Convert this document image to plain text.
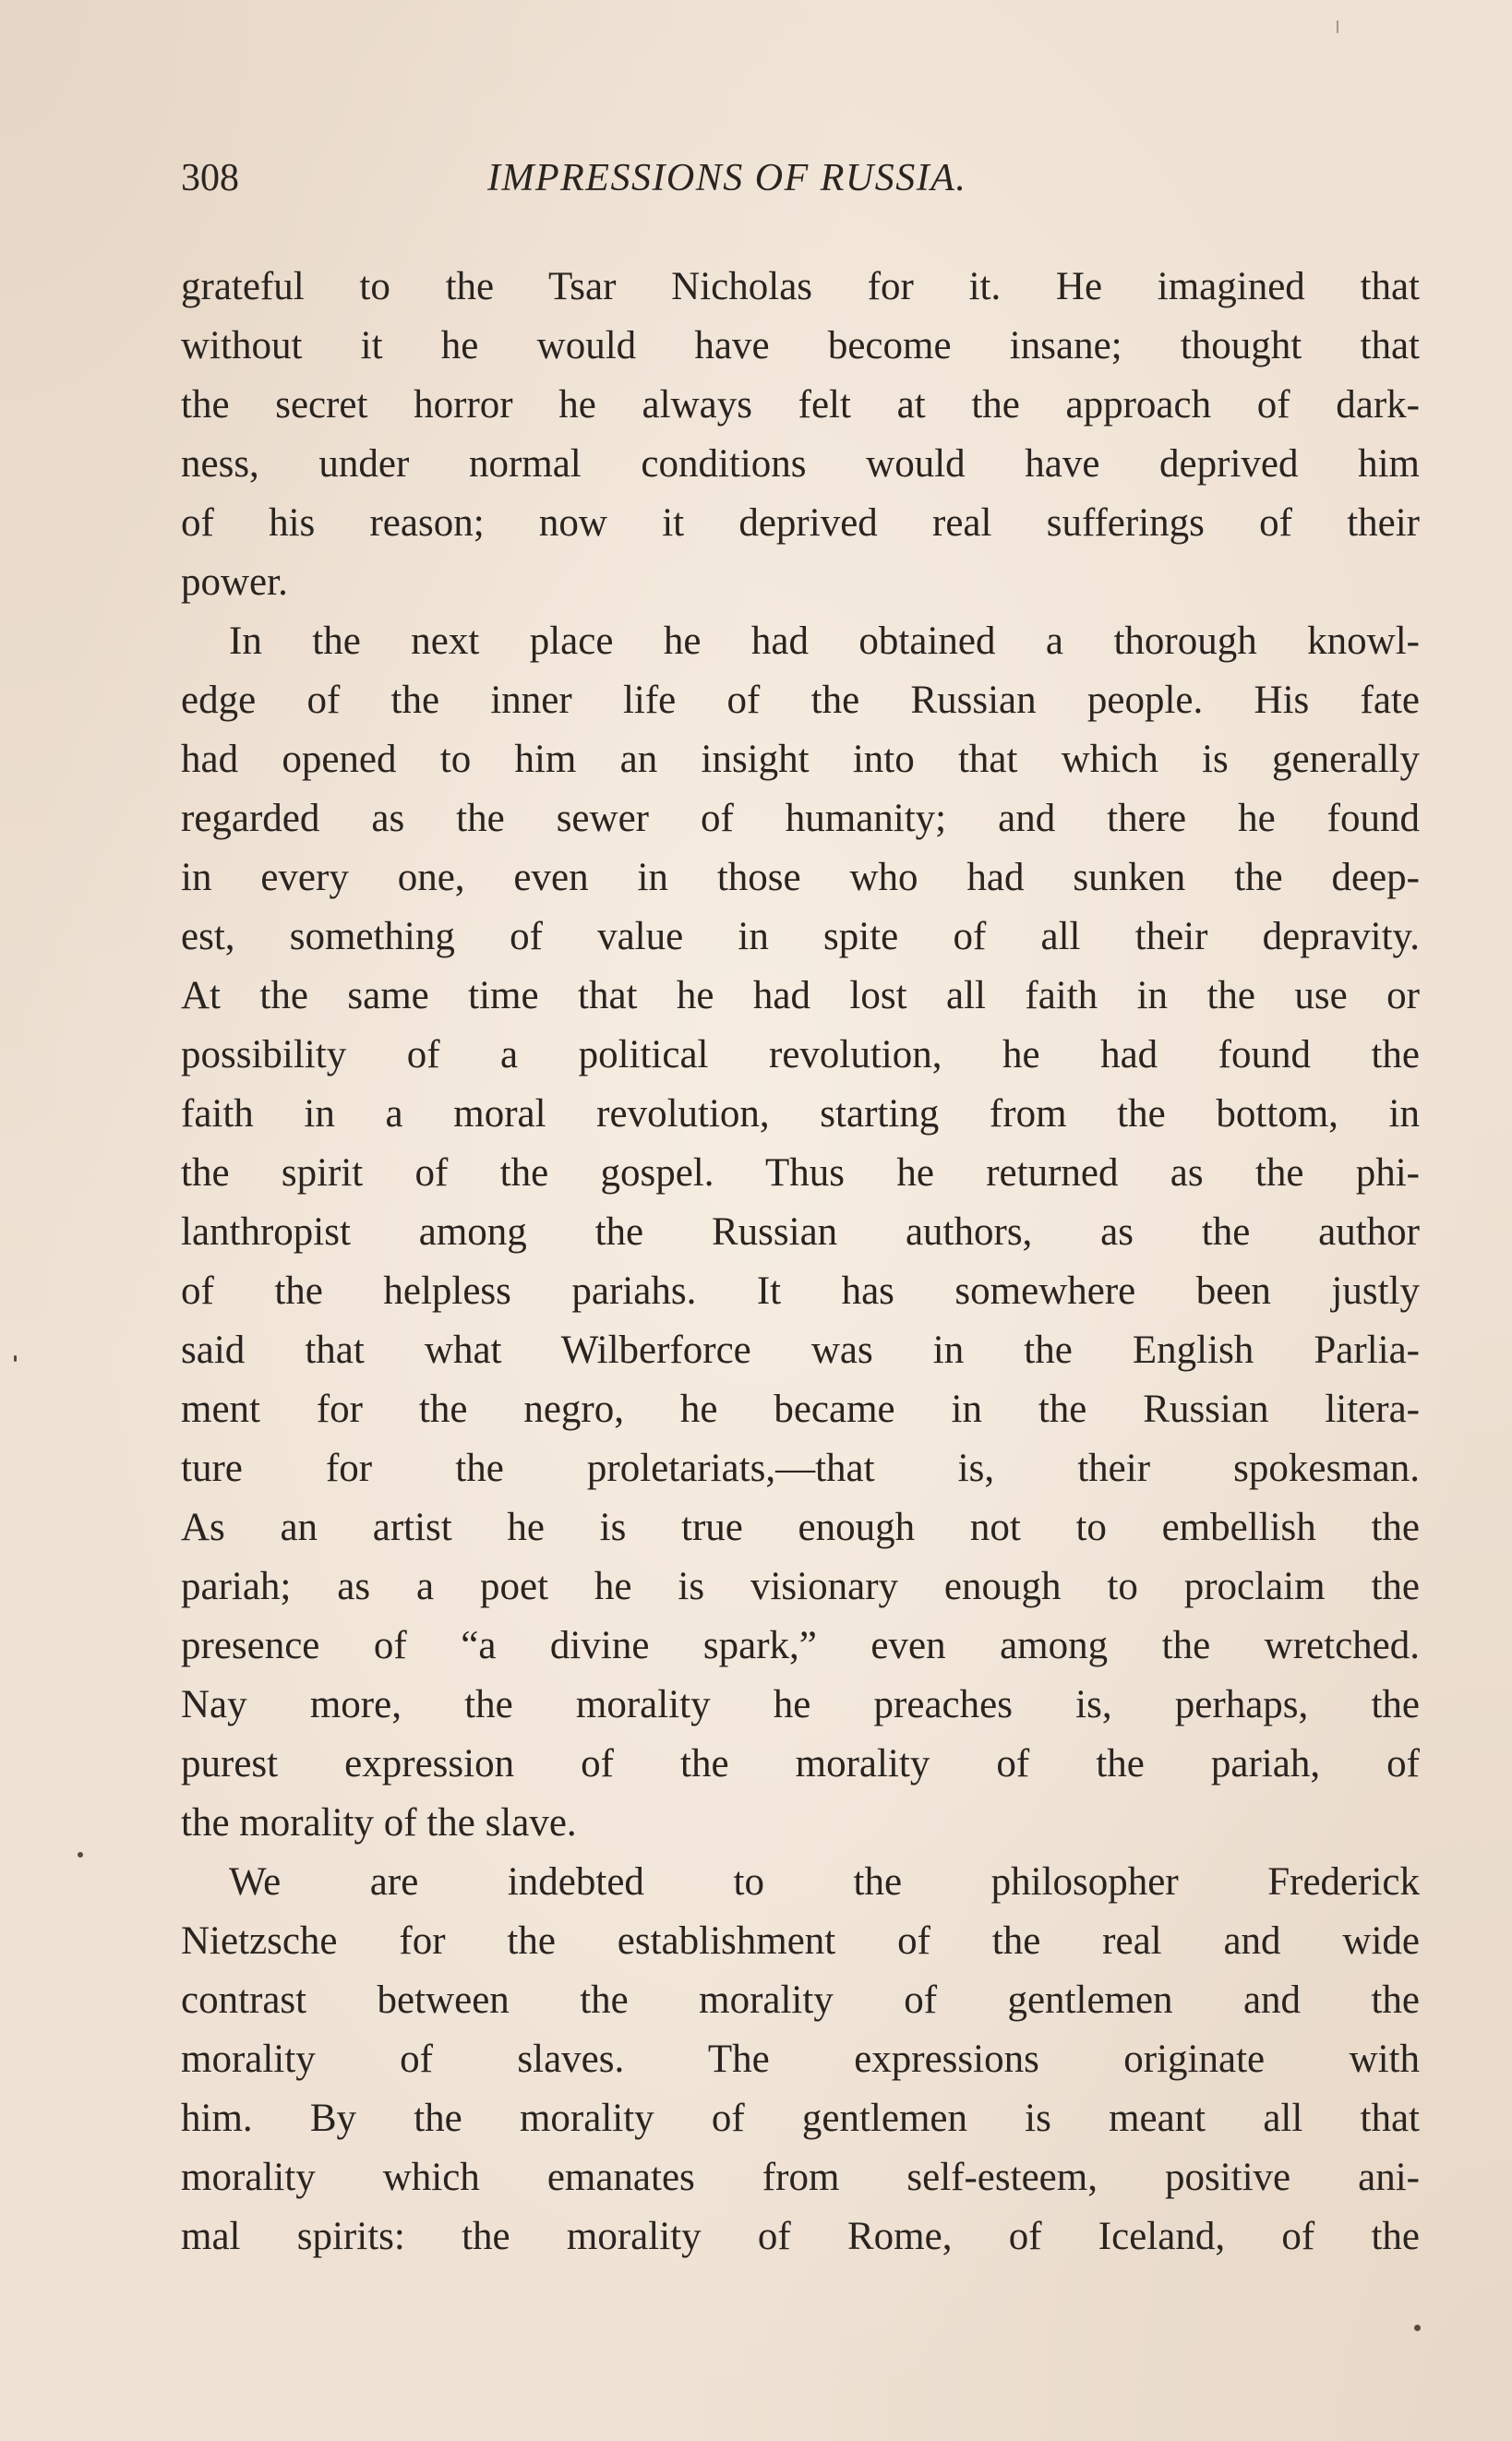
308	IMPRESSIONS OF RUSSIA.
grateful to the Tsar Nicholas for it. He imagined that
without it he would have become insane; thought that
the secret horror he always felt at the approach of dark-
ness, under normal conditions would have deprived him
of his reason; now it deprived real sufferings of their
power.
In the next place he had obtained a thorough knowl-
edge of the inner life of the Russian people. His fate
had opened to him an insight into that which is generally
regarded as the sewer of humanity; and there he found
in every one, even in those who had sunken the deep-
est, something of value in spite of all their depravity.
At the same time that he had lost all faith in the use or
possibility of a political revolution, he had found the
faith in a moral revolution, starting from the bottom, in
the spirit of the gospel. Thus he returned as the phi-
lanthropist among the Russian authors, as the author
of the helpless pariahs. It has somewhere been justly
said that what Wilberforce was in the English Parlia-
ment for the negro, he became in the Russian litera-
ture for the proletariats,—that is, their spokesman.
As an artist he is true enough not to embellish the
pariah; as a poet he is visionary enough to proclaim the
presence of “a divine spark,” even among the wretched.
Nay more, the morality he preaches is, perhaps, the
purest expression of the morality of the pariah, of
the morality of the slave.
We are indebted to the philosopher Frederick
Nietzsche for the establishment of the real and wide
contrast between the morality of gentlemen and the
morality of slaves. The expressions originate with
him. By the morality of gentlemen is meant all that
morality which emanates from self-esteem, positive ani-
mal spirits: the morality of Rome, of Iceland, of the
